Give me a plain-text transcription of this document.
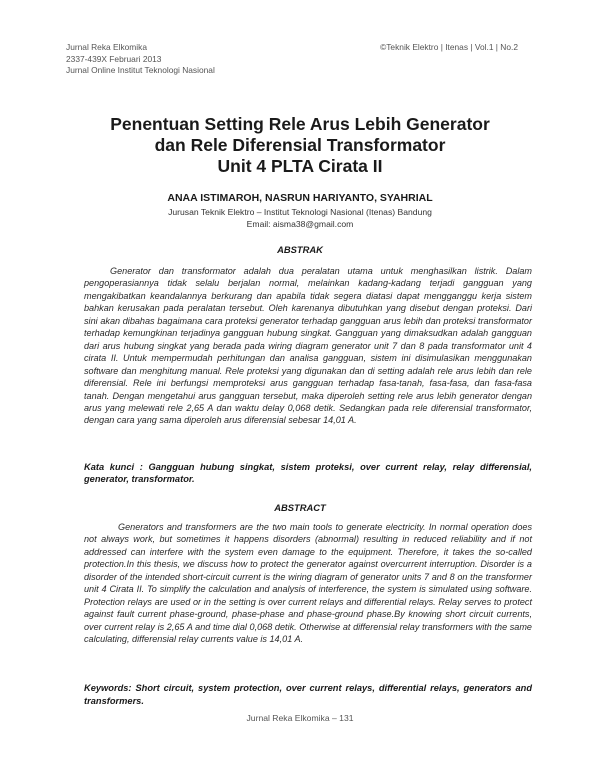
Jurnal Reka Elkomika
2337-439X Februari 2013
Jurnal Online Institut Teknologi Nasional
©Teknik Elektro | Itenas | Vol.1 | No.2
Penentuan Setting Rele Arus Lebih Generator
dan Rele Diferensial Transformator
Unit 4 PLTA Cirata II
ANAA ISTIMAROH, NASRUN HARIYANTO, SYAHRIAL
Jurusan Teknik Elektro – Institut Teknologi Nasional (Itenas) Bandung
Email: aisma38@gmail.com
ABSTRAK

Generator dan transformator adalah dua peralatan utama untuk menghasilkan listrik. Dalam pengoperasiannya tidak selalu berjalan normal, melainkan kadang-kadang terjadi gangguan yang mengakibatkan keandalannya berkurang dan apabila tidak segera diatasi dapat mengganggu kerja sistem bahkan kerusakan pada peralatan tersebut. Oleh karenanya dibutuhkan yang disebut dengan proteksi. Dari sini akan dibahas bagaimana cara proteksi generator terhadap gangguan arus lebih dan proteksi transformator terhadap kemungkinan terjadinya gangguan hubung singkat. Gangguan yang dimaksudkan adalah gangguan dari arus hubung singkat yang berada pada wiring diagram generator unit 7 dan 8 pada transformator unit 4 cirata II. Untuk mempermudah perhitungan dan analisa gangguan, sistem ini disimulasikan menggunakan software dan menghitung manual. Rele proteksi yang digunakan dan di setting adalah rele arus lebih dan rele diferensial. Rele ini berfungsi memproteksi arus gangguan terhadap fasa-tanah, fasa-fasa, dan fasa-fasa tanah. Dengan mengetahui arus gangguan tersebut, maka diperoleh setting rele arus lebih generator dengan arus yang melewati rele 2,65 A dan waktu delay 0,068 detik. Sedangkan pada rele diferensial transformator, dengan cara yang sama diperoleh arus diferensial sebesar 14,01 A.

Kata kunci : Gangguan hubung singkat, sistem proteksi, over current relay, relay differensial, generator, transformator.
ABSTRACT

Generators and transformers are the two main tools to generate electricity. In normal operation does not always work, but sometimes it happens disorders (abnormal) resulting in reduced reliability and if not addressed can interfere with the system even damage to the equipment. Therefore, it takes the so-called protection.In this thesis, we discuss how to protect the generator against overcurrent interruption. Disorder is a disorder of the intended short-circuit current is the wiring diagram of generator units 7 and 8 on the transformer unit 4 Cirata II. To simplify the calculation and analysis of interference, the system is simulated using software. Protection relays are used or in the setting is over current relays and differential relays. Relay serves to protect against fault current phase-ground, phase-phase and phase-ground phase.By knowing short circuit currents, over current relay is 2,65 A and time dial 0,068 detik. Otherwise at differensial relay transformers with the same calculating, differensial relay currents value is 14,01 A.

Keywords: Short circuit, system protection, over current relays, differential relays, generators and transformers.
Jurnal Reka Elkomika – 131
